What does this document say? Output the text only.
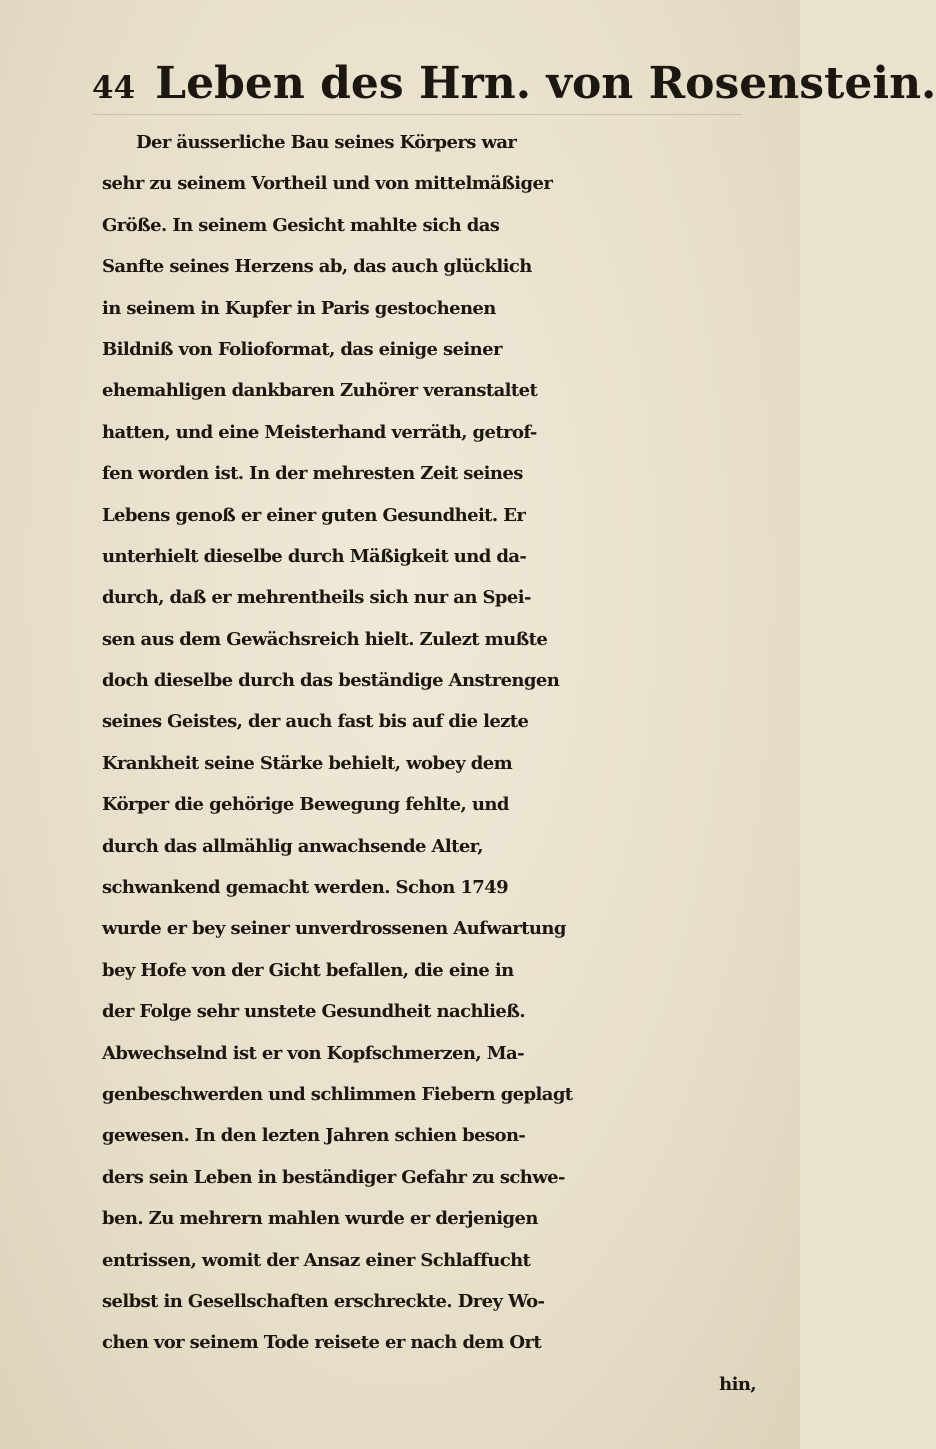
44 Leben des Hrn. von Rosenstein.
Der äusserliche Bau seines Körpers war
sehr zu seinem Vortheil und von mittelmäßiger
Größe. In seinem Gesicht mahlte sich das
Sanfte seines Herzens ab, das auch glücklich
in seinem in Kupfer in Paris gestochenen
Bildniß von Folioformat, das einige seiner
ehemahligen dankbaren Zuhörer veranstaltet
hatten, und eine Meisterhand verräth, getrof-
fen worden ist. In der mehresten Zeit seines
Lebens genoß er einer guten Gesundheit. Er
unterhielt dieselbe durch Mäßigkeit und da-
durch, daß er mehrentheils sich nur an Spei-
sen aus dem Gewächsreich hielt. Zulezt mußte
doch dieselbe durch das beständige Anstrengen
seines Geistes, der auch fast bis auf die lezte
Krankheit seine Stärke behielt, wobey dem
Körper die gehörige Bewegung fehlte, und
durch das allmählig anwachsende Alter,
schwankend gemacht werden. Schon 1749
wurde er bey seiner unverdrossenen Aufwartung
bey Hofe von der Gicht befallen, die eine in
der Folge sehr unstete Gesundheit nachließ.
Abwechselnd ist er von Kopfschmerzen, Ma-
genbeschwerden und schlimmen Fiebern geplagt
gewesen. In den lezten Jahren schien beson-
ders sein Leben in beständiger Gefahr zu schwe-
ben. Zu mehrern mahlen wurde er derjenigen
entrissen, womit der Ansaz einer Schlaffucht
selbst in Gesellschaften erschreckte. Drey Wo-
chen vor seinem Tode reisete er nach dem Ort
hin,
